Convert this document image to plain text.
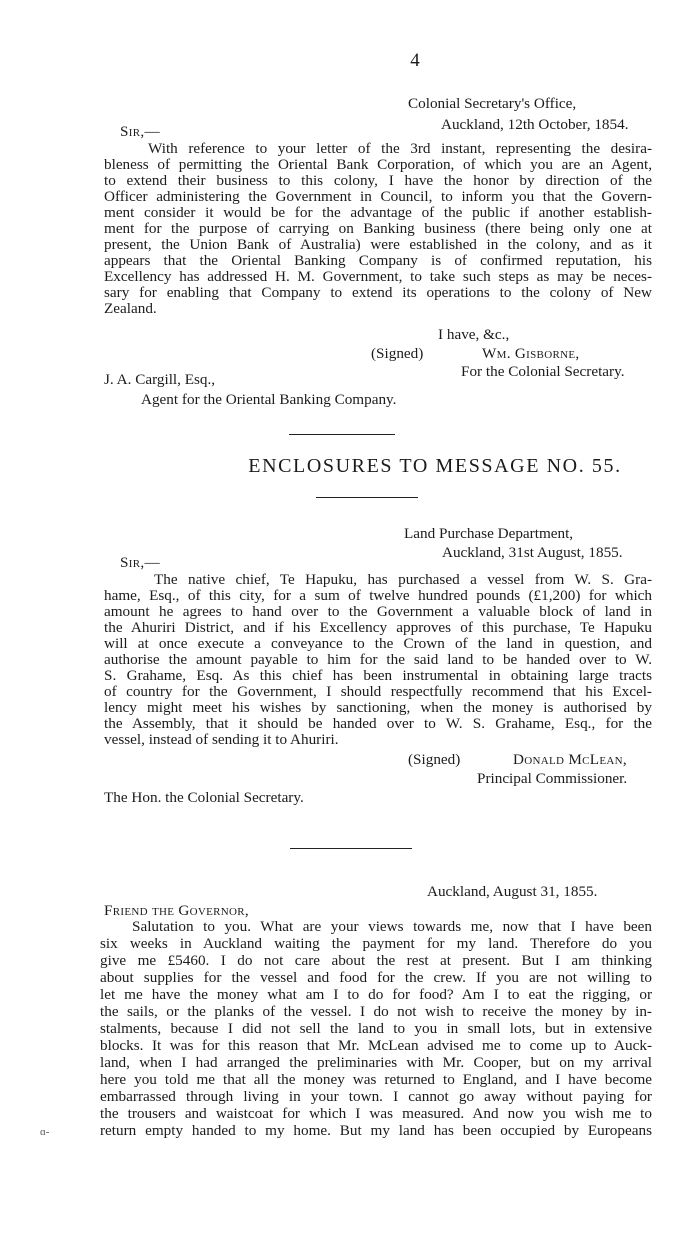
4
Colonial Secretary's Office,
Auckland, 12th October, 1854.
Sir,—
With reference to your letter of the 3rd instant, representing the desira-
bleness of permitting the Oriental Bank Corporation, of which you are an Agent,
to extend their business to this colony, I have the honor by direction of the
Officer administering the Government in Council, to inform you that the Govern-
ment consider it would be for the advantage of the public if another establish-
ment for the purpose of carrying on Banking business (there being only one at
present, the Union Bank of Australia) were established in the colony, and as it
appears that the Oriental Banking Company is of confirmed reputation, his
Excellency has addressed H. M. Government, to take such steps as may be neces-
sary for enabling that Company to extend its operations to the colony of New
Zealand.
I have, &c.,
(Signed)	Wm. Gisborne,
For the Colonial Secretary.
J. A. Cargill, Esq.,
Agent for the Oriental Banking Company.
ENCLOSURES TO MESSAGE NO. 55.
Land Purchase Department,
Auckland, 31st August, 1855.
Sir,—
The native chief, Te Hapuku, has purchased a vessel from W. S. Gra-
hame, Esq., of this city, for a sum of twelve hundred pounds (£1,200) for which
amount he agrees to hand over to the Government a valuable block of land in
the Ahuriri District, and if his Excellency approves of this purchase, Te Hapuku
will at once execute a conveyance to the Crown of the land in question, and
authorise the amount payable to him for the said land to be handed over to W.
S. Grahame, Esq. As this chief has been instrumental in obtaining large tracts
of country for the Government, I should respectfully recommend that his Excel-
lency might meet his wishes by sanctioning, when the money is authorised by
the Assembly, that it should be handed over to W. S. Grahame, Esq., for the
vessel, instead of sending it to Ahuriri.
(Signed)	Donald McLean,
Principal Commissioner.
The Hon. the Colonial Secretary.
Auckland, August 31, 1855.
Friend the Governor,
Salutation to you. What are your views towards me, now that I have been
six weeks in Auckland waiting the payment for my land. Therefore do you
give me £5460. I do not care about the rest at present. But I am thinking
about supplies for the vessel and food for the crew. If you are not willing to
let me have the money what am I to do for food? Am I to eat the rigging, or
the sails, or the planks of the vessel. I do not wish to receive the money by in-
stalments, because I did not sell the land to you in small lots, but in extensive
blocks. It was for this reason that Mr. McLean advised me to come up to Auck-
land, when I had arranged the preliminaries with Mr. Cooper, but on my arrival
here you told me that all the money was returned to England, and I have become
embarrassed through living in your town. I cannot go away without paying for
the trousers and waistcoat for which I was measured. And now you wish me to
return empty handed to my home. But my land has been occupied by Europeans
ɑ-
